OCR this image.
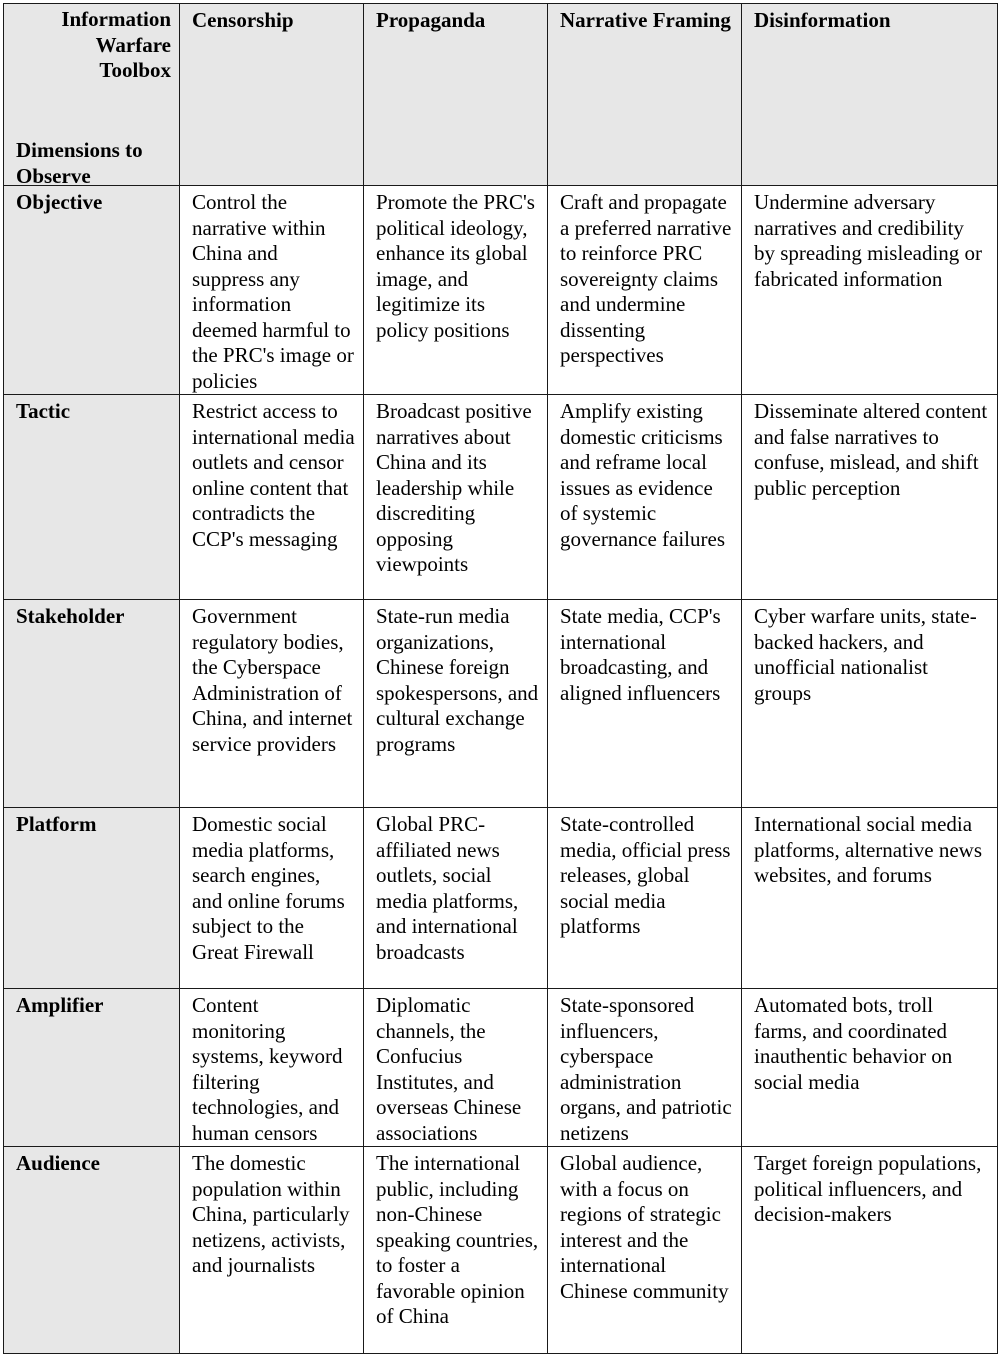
Information
Warfare
Toolbox
Dimensions to
Observe	Censorship	Propaganda	Narrative Framing	Disinformation
Objective	Control the narrative within China and suppress any information deemed harmful to the PRC's image or policies	Promote the PRC's political ideology, enhance its global image, and legitimize its policy positions	Craft and propagate a preferred narrative to reinforce PRC sovereignty claims and undermine dissenting perspectives	Undermine adversary narratives and credibility by spreading misleading or fabricated information
Tactic	Restrict access to international media outlets and censor online content that contradicts the CCP's messaging	Broadcast positive narratives about China and its leadership while discrediting opposing viewpoints	Amplify existing domestic criticisms and reframe local issues as evidence of systemic governance failures	Disseminate altered content and false narratives to confuse, mislead, and shift public perception
Stakeholder	Government regulatory bodies, the Cyberspace Administration of China, and internet service providers	State-run media organizations, Chinese foreign spokespersons, and cultural exchange programs	State media, CCP's international broadcasting, and aligned influencers	Cyber warfare units, state-backed hackers, and unofficial nationalist groups
Platform	Domestic social media platforms, search engines, and online forums subject to the Great Firewall	Global PRC-affiliated news outlets, social media platforms, and international broadcasts	State-controlled media, official press releases, global social media platforms	International social media platforms, alternative news websites, and forums
Amplifier	Content monitoring systems, keyword filtering technologies, and human censors	Diplomatic channels, the Confucius Institutes, and overseas Chinese associations	State-sponsored influencers, cyberspace administration organs, and patriotic netizens	Automated bots, troll farms, and coordinated inauthentic behavior on social media
Audience	The domestic population within China, particularly netizens, activists, and journalists	The international public, including non-Chinese speaking countries, to foster a favorable opinion of China	Global audience, with a focus on regions of strategic interest and the international Chinese community	Target foreign populations, political influencers, and decision-makers
